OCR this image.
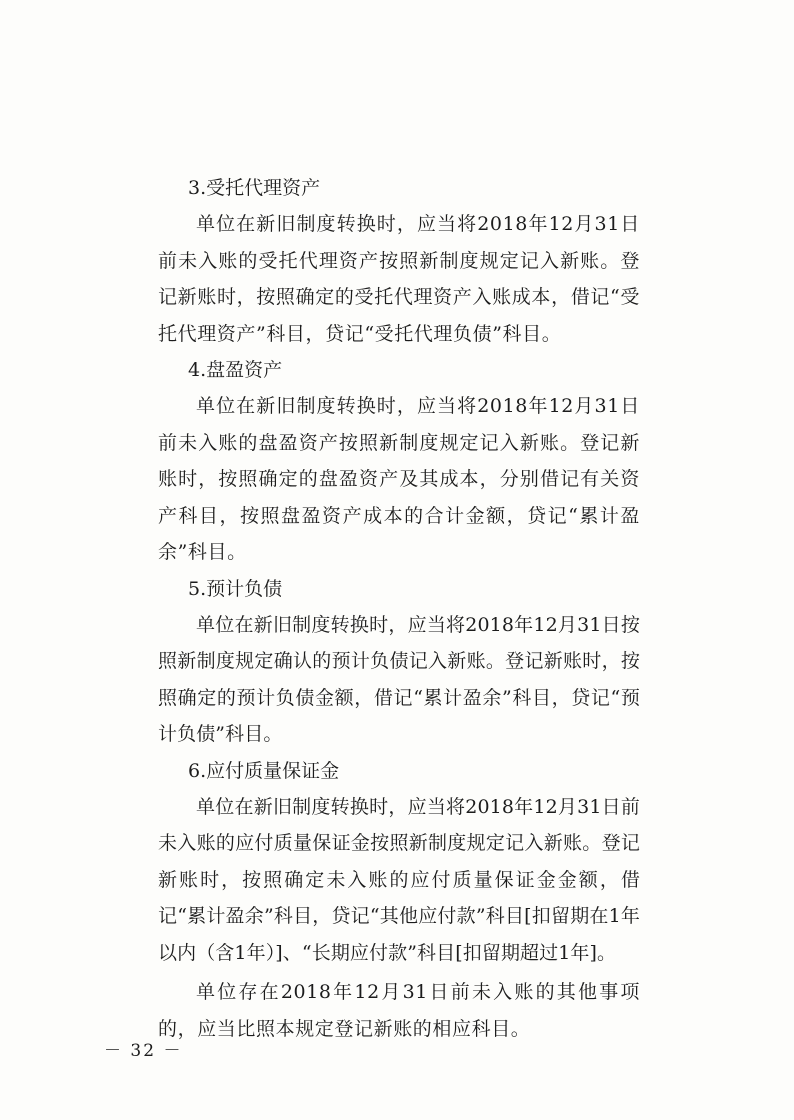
3.受托代理资产

单位在新旧制度转换时，应当将2018年12月31日前未入账的受托代理资产按照新制度规定记入新账。登记新账时，按照确定的受托代理资产入账成本，借记“受托代理资产”科目，贷记“受托代理负债”科目。

4.盘盈资产

单位在新旧制度转换时，应当将2018年12月31日前未入账的盘盈资产按照新制度规定记入新账。登记新账时，按照确定的盘盈资产及其成本，分别借记有关资产科目，按照盘盈资产成本的合计金额，贷记“累计盈余”科目。

5.预计负债

单位在新旧制度转换时，应当将2018年12月31日按照新制度规定确认的预计负债记入新账。登记新账时，按照确定的预计负债金额，借记“累计盈余”科目，贷记“预计负债”科目。

6.应付质量保证金

单位在新旧制度转换时，应当将2018年12月31日前未入账的应付质量保证金按照新制度规定记入新账。登记新账时，按照确定未入账的应付质量保证金金额，借记“累计盈余”科目，贷记“其他应付款”科目[扣留期在1年以内（含1年）]、“长期应付款”科目[扣留期超过1年]。

单位存在2018年12月31日前未入账的其他事项的，应当比照本规定登记新账的相应科目。

－ 32 －
